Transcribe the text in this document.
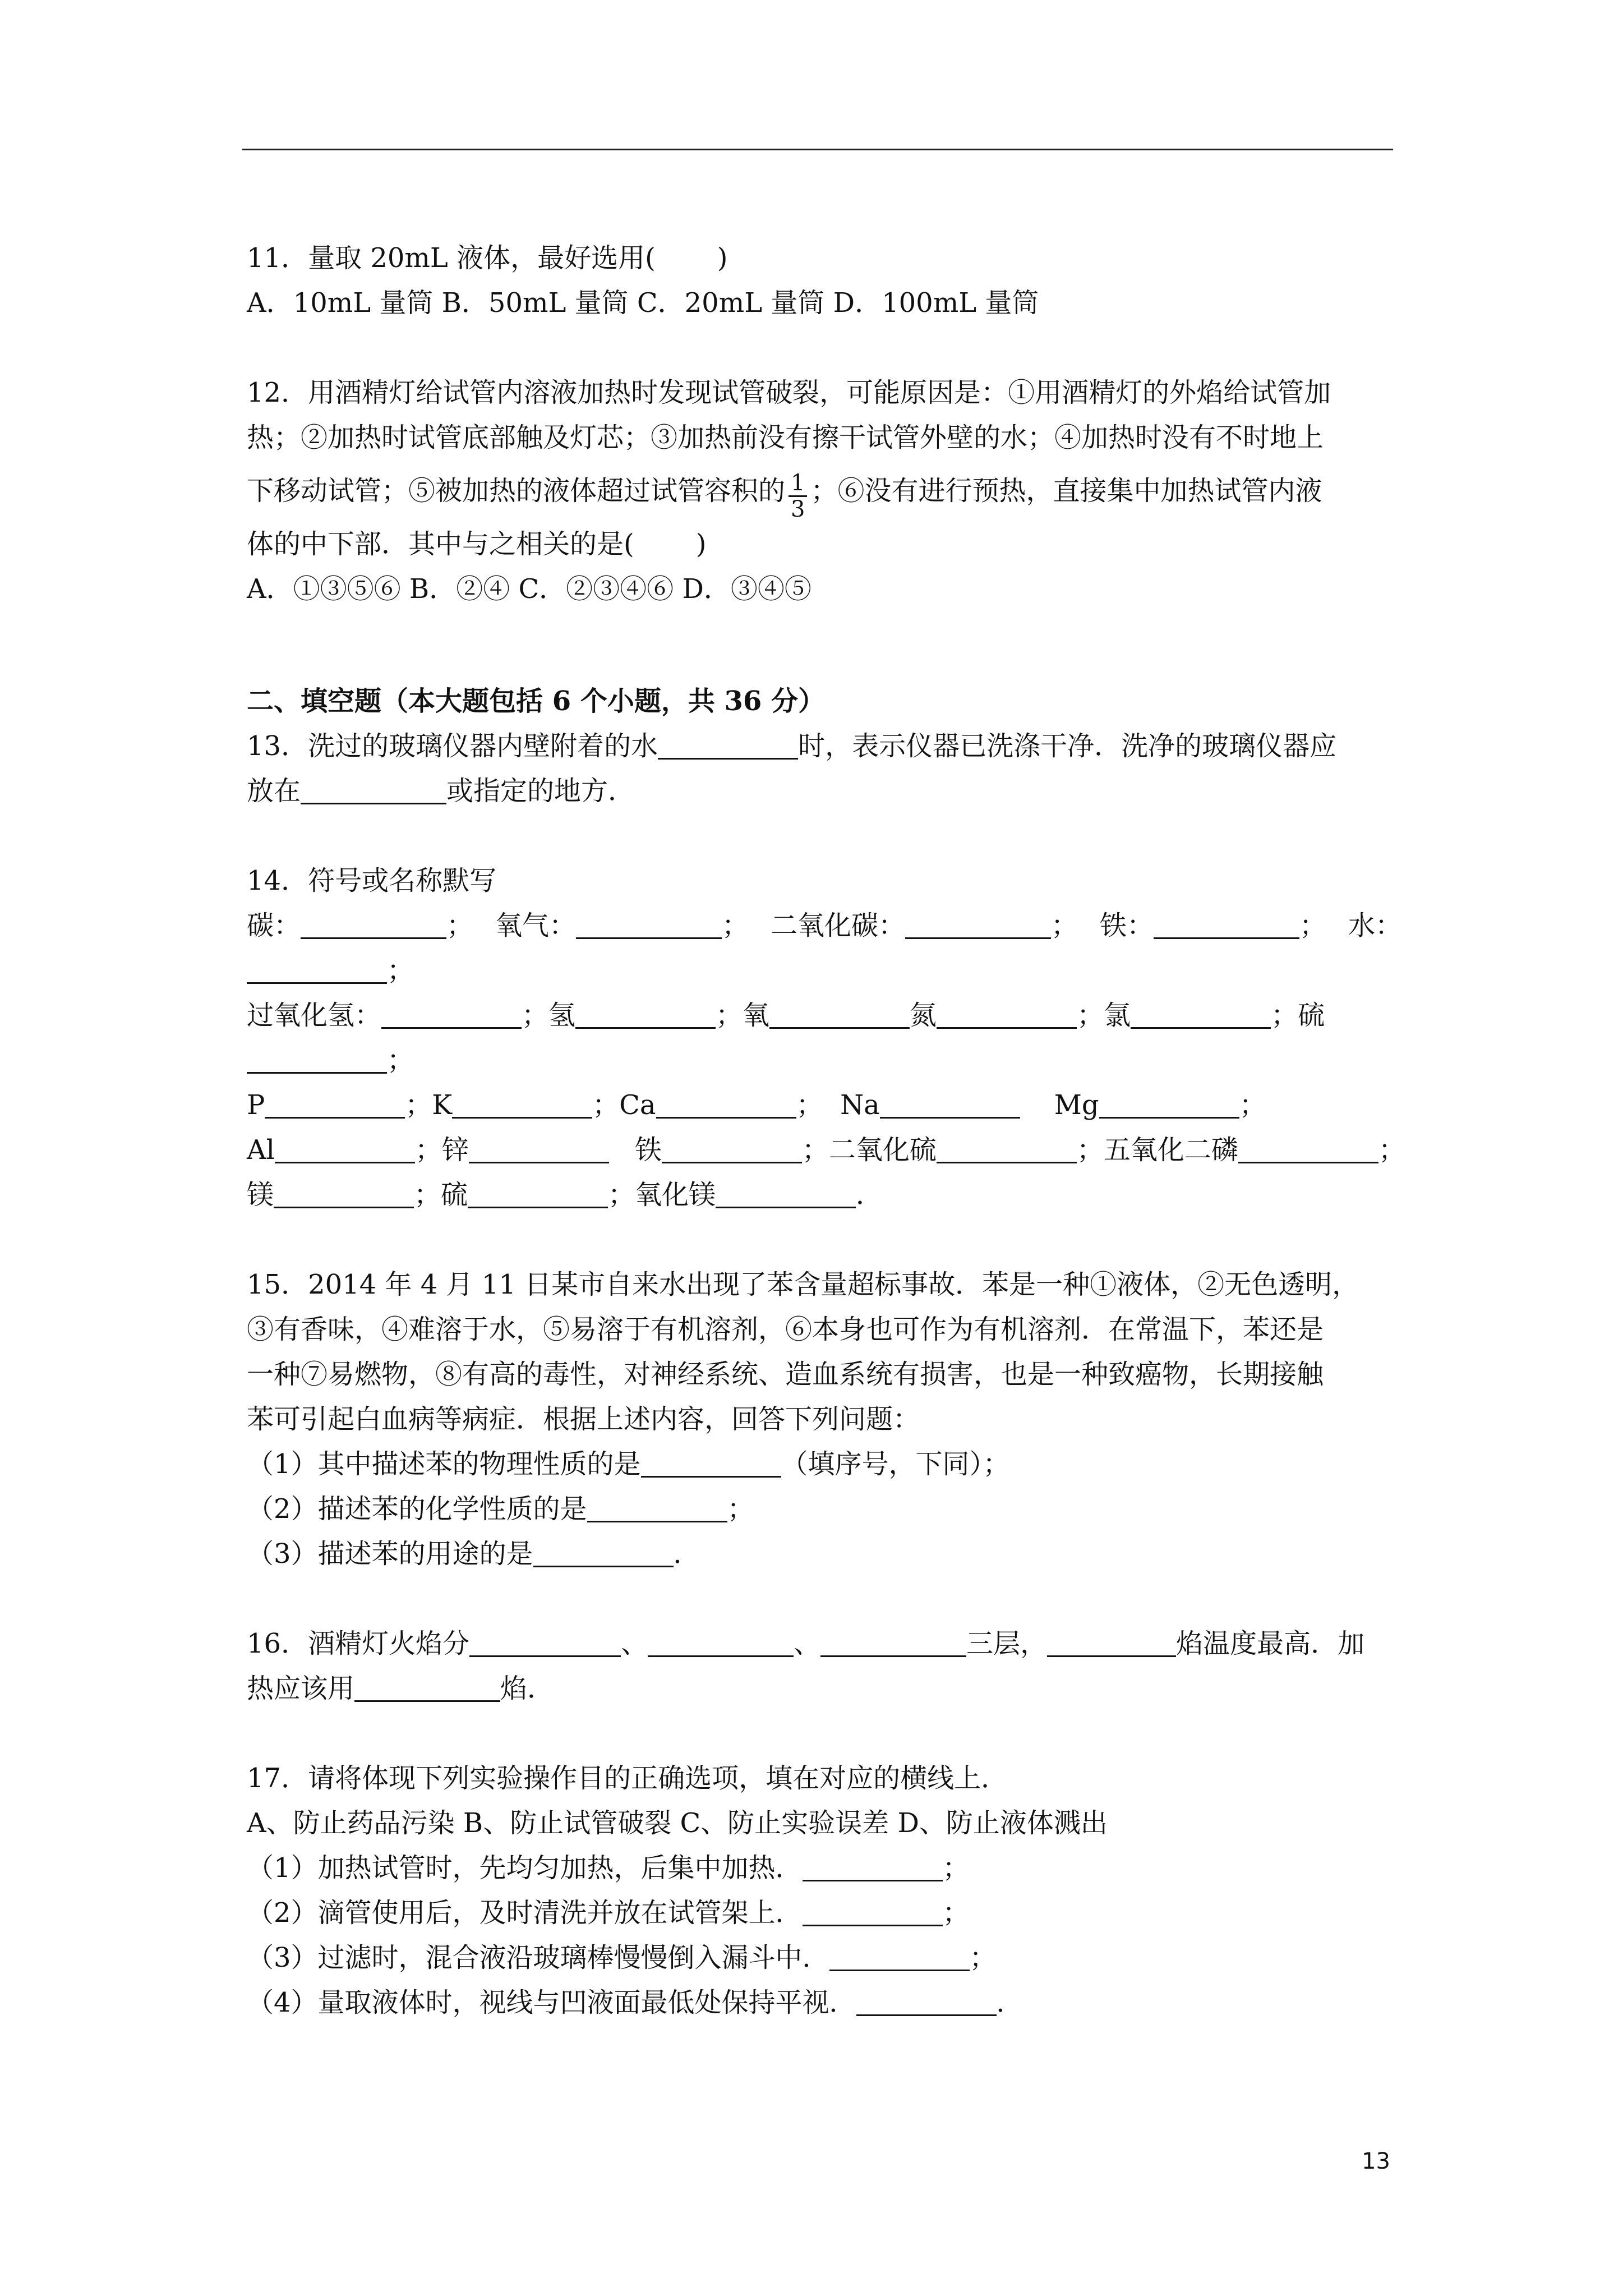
11．量取 20mL 液体，最好选用( )
A．10mL 量筒 B．50mL 量筒 C．20mL 量筒 D．100mL 量筒
12．用酒精灯给试管内溶液加热时发现试管破裂，可能原因是：①用酒精灯的外焰给试管加
热；②加热时试管底部触及灯芯；③加热前没有擦干试管外壁的水；④加热时没有不时地上
下移动试管；⑤被加热的液体超过试管容积的 $\frac{1}{3}$ ；⑥没有进行预热，直接集中加热试管内液
体的中下部．其中与之相关的是( )
A．①③⑤⑥ B．②④ C．②③④⑥ D．③④⑤
二、填空题（本大题包括 6 个小题，共 36 分）
13．洗过的玻璃仪器内壁附着的水	时，表示仪器已洗涤干净．洗净的玻璃仪器应
放在	或指定的地方．
14．符号或名称默写
碳：	； 氧气：	； 二氧化碳：	； 铁：	； 水：
；
过氧化氢：	；氢	；氧	氮	；氯	；硫
；
P	；K	；Ca	； Na	Mg	；
Al	；锌	铁	；二氧化硫	；五氧化二磷	；
镁	；硫	；氧化镁	．
15．2014 年 4 月 11 日某市自来水出现了苯含量超标事故．苯是一种①液体，②无色透明，
③有香味，④难溶于水，⑤易溶于有机溶剂，⑥本身也可作为有机溶剂．在常温下，苯还是
一种⑦易燃物，⑧有高的毒性，对神经系统、造血系统有损害，也是一种致癌物，长期接触
苯可引起白血病等病症．根据上述内容，回答下列问题：
（1）其中描述苯的物理性质的是	（填序号，下同）；
（2）描述苯的化学性质的是	；
（3）描述苯的用途的是	．
16．酒精灯火焰分	、	、	三层，	焰温度最高．加
热应该用	焰．
17．请将体现下列实验操作目的正确选项，填在对应的横线上．
A、防止药品污染 B、防止试管破裂 C、防止实验误差 D、防止液体溅出
（1）加热试管时，先均匀加热，后集中加热．	；
（2）滴管使用后，及时清洗并放在试管架上．	；
（3）过滤时，混合液沿玻璃棒慢慢倒入漏斗中．	；
（4）量取液体时，视线与凹液面最低处保持平视．	．
13
